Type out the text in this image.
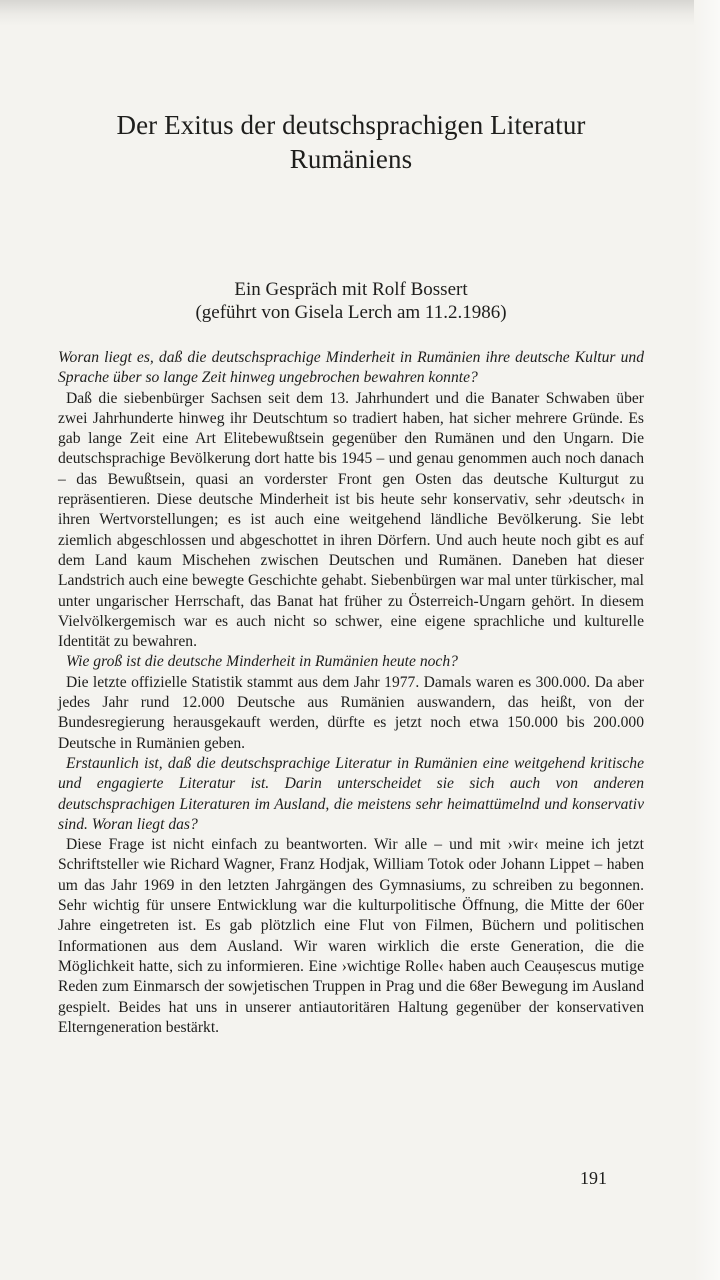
Der Exitus der deutschsprachigen Literatur
Rumäniens
Ein Gespräch mit Rolf Bossert
(geführt von Gisela Lerch am 11.2.1986)

Woran liegt es, daß die deutschsprachige Minderheit in Rumänien ihre deutsche Kultur und Sprache über so lange Zeit hinweg ungebrochen bewahren konnte?

Daß die siebenbürger Sachsen seit dem 13. Jahrhundert und die Banater Schwaben über zwei Jahrhunderte hinweg ihr Deutschtum so tradiert haben, hat sicher mehrere Gründe. Es gab lange Zeit eine Art Elitebewußtsein gegenüber den Rumänen und den Ungarn. Die deutschsprachige Bevölkerung dort hatte bis 1945 – und genau genommen auch noch danach – das Bewußtsein, quasi an vorderster Front gen Osten das deutsche Kulturgut zu repräsentieren. Diese deutsche Minderheit ist bis heute sehr konservativ, sehr ›deutsch‹ in ihren Wertvorstellungen; es ist auch eine weitgehend ländliche Bevölkerung. Sie lebt ziemlich abgeschlossen und abgeschottet in ihren Dörfern. Und auch heute noch gibt es auf dem Land kaum Mischehen zwischen Deutschen und Rumänen. Daneben hat dieser Landstrich auch eine bewegte Geschichte gehabt. Siebenbürgen war mal unter türkischer, mal unter ungarischer Herrschaft, das Banat hat früher zu Österreich-Ungarn gehört. In diesem Vielvölkergemisch war es auch nicht so schwer, eine eigene sprachliche und kulturelle Identität zu bewahren.

Wie groß ist die deutsche Minderheit in Rumänien heute noch?

Die letzte offizielle Statistik stammt aus dem Jahr 1977. Damals waren es 300.000. Da aber jedes Jahr rund 12.000 Deutsche aus Rumänien auswandern, das heißt, von der Bundesregierung herausgekauft werden, dürfte es jetzt noch etwa 150.000 bis 200.000 Deutsche in Rumänien geben.

Erstaunlich ist, daß die deutschsprachige Literatur in Rumänien eine weitgehend kritische und engagierte Literatur ist. Darin unterscheidet sie sich auch von anderen deutschsprachigen Literaturen im Ausland, die meistens sehr heimattümelnd und konservativ sind. Woran liegt das?

Diese Frage ist nicht einfach zu beantworten. Wir alle – und mit ›wir‹ meine ich jetzt Schriftsteller wie Richard Wagner, Franz Hodjak, William Totok oder Johann Lippet – haben um das Jahr 1969 in den letzten Jahrgängen des Gymnasiums, zu schreiben zu begonnen. Sehr wichtig für unsere Entwicklung war die kulturpolitische Öffnung, die Mitte der 60er Jahre eingetreten ist. Es gab plötzlich eine Flut von Filmen, Büchern und politischen Informationen aus dem Ausland. Wir waren wirklich die erste Generation, die die Möglichkeit hatte, sich zu informieren. Eine ›wichtige Rolle‹ haben auch Ceaușescus mutige Reden zum Einmarsch der sowjetischen Truppen in Prag und die 68er Bewegung im Ausland gespielt. Beides hat uns in unserer antiautoritären Haltung gegenüber der konservativen Elterngeneration bestärkt.

191
